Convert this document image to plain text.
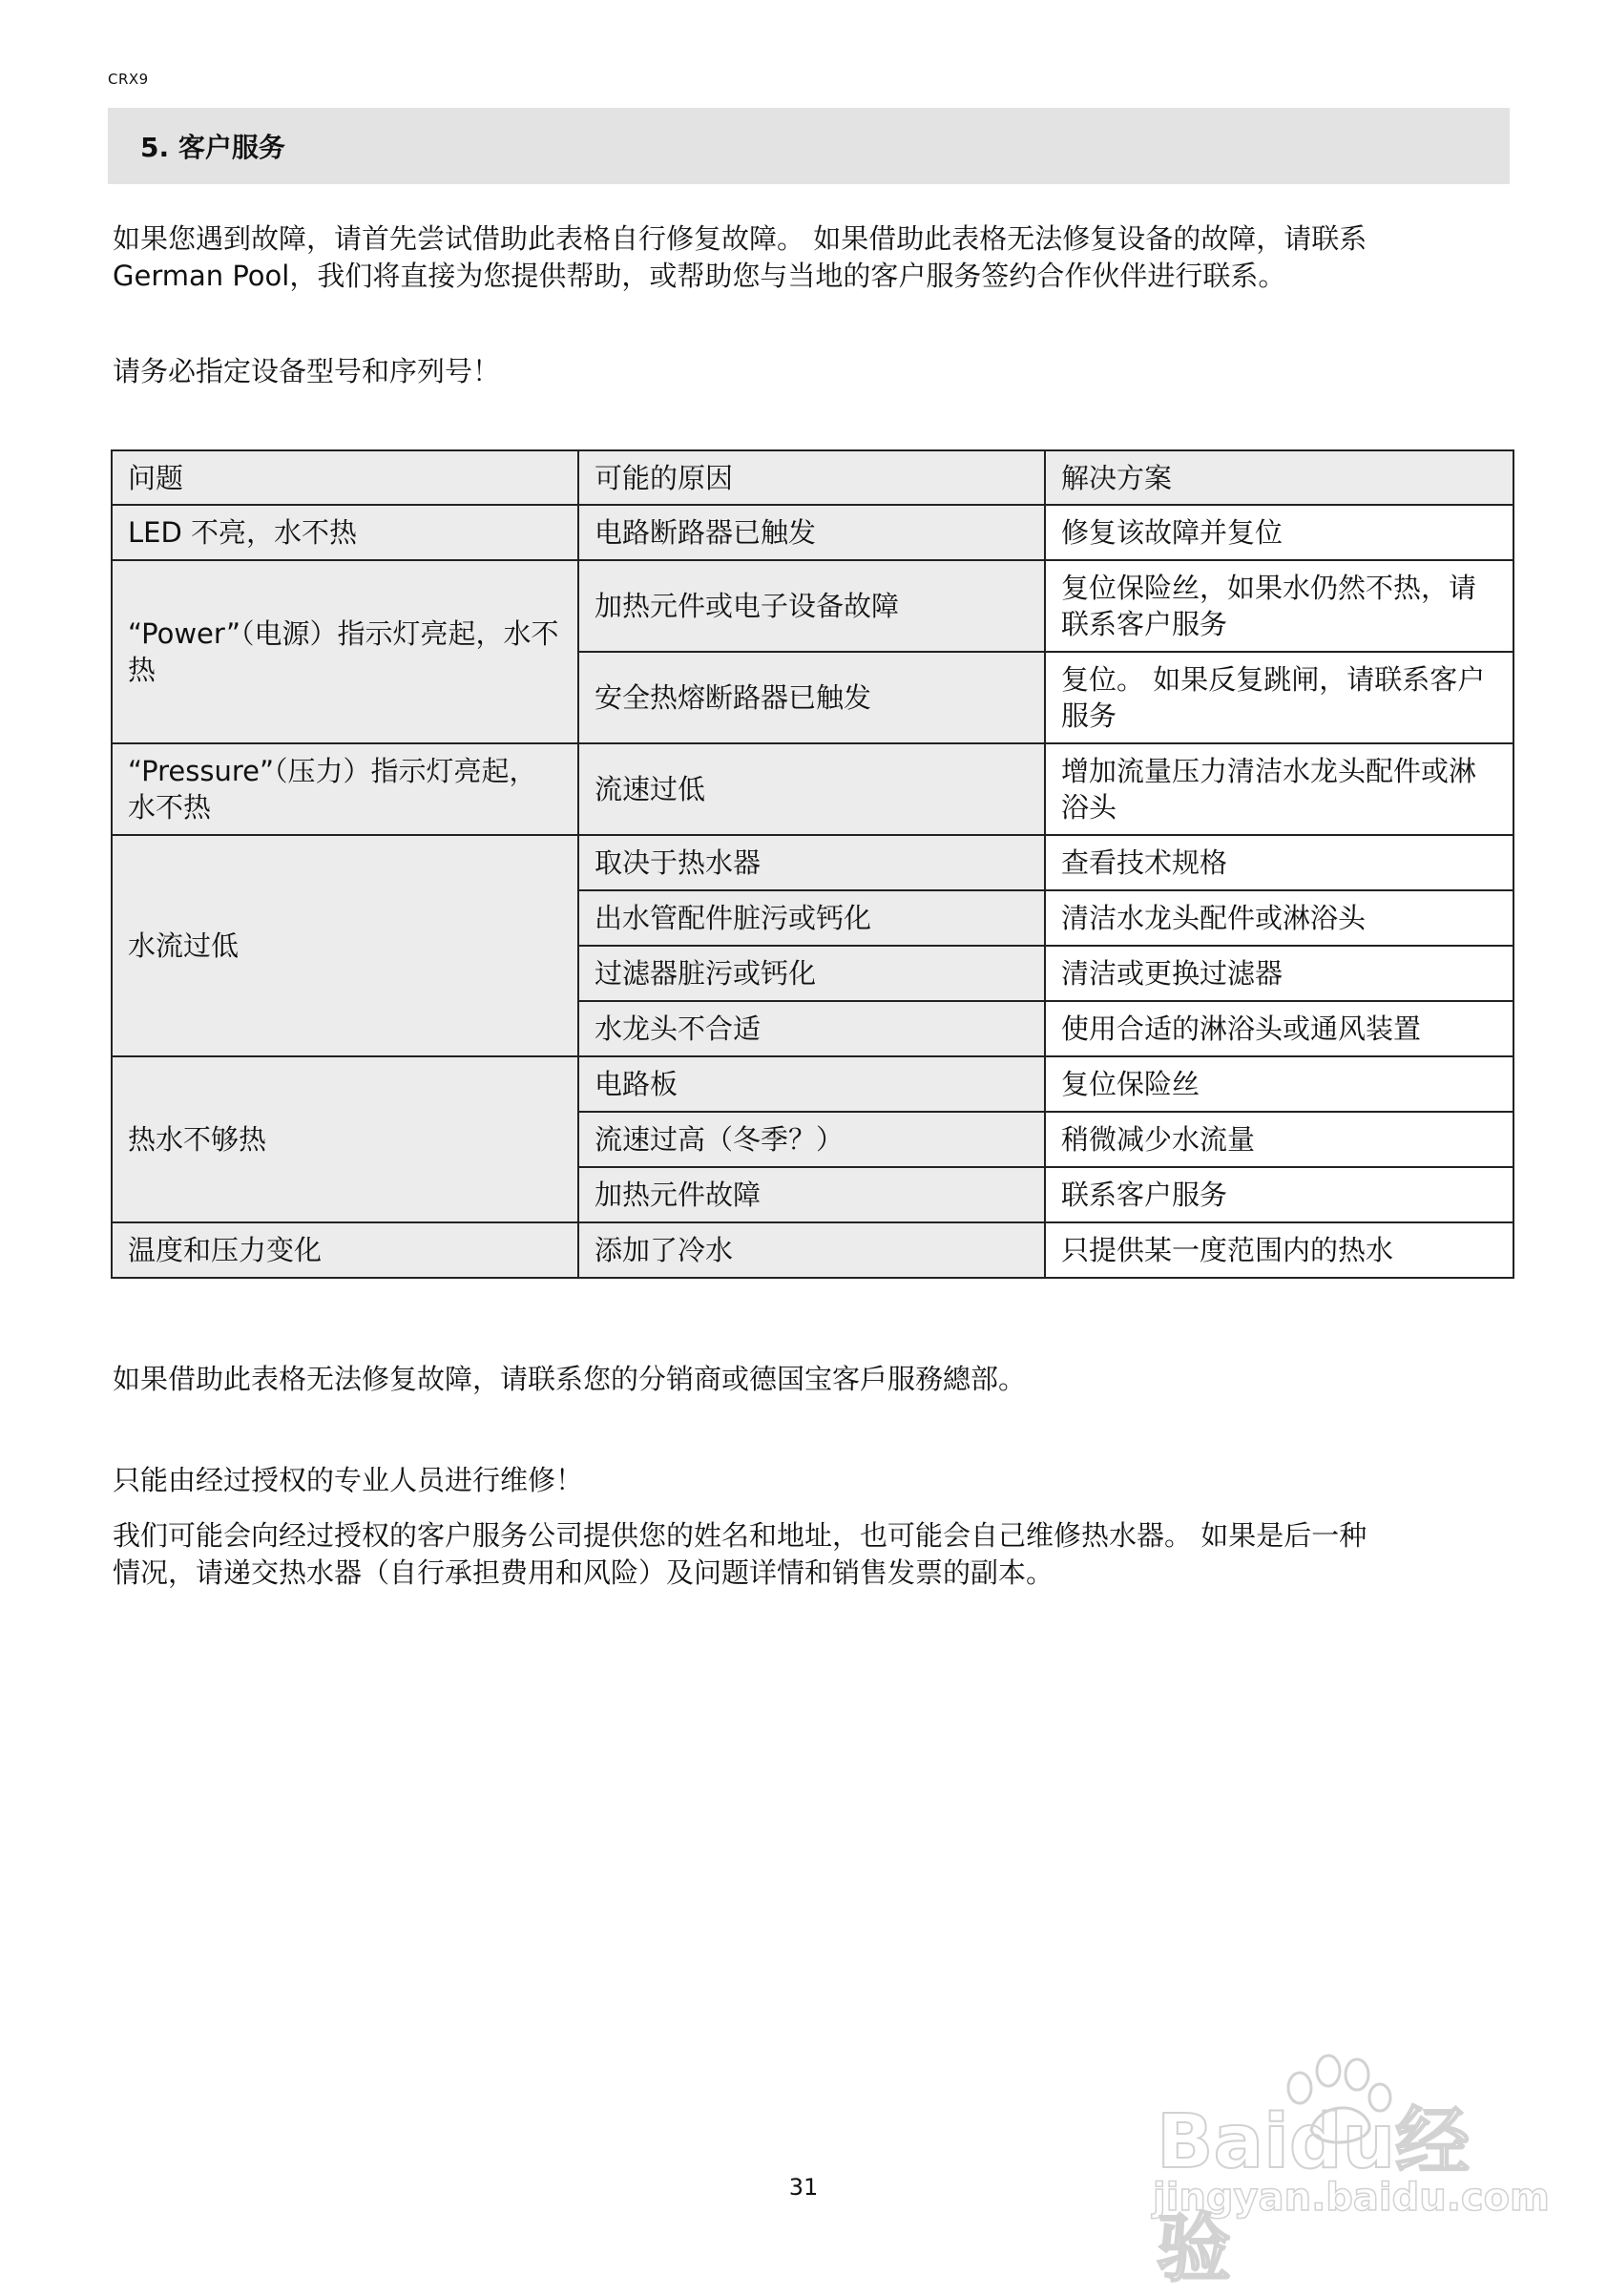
CRX9
5. 客户服务

如果您遇到故障，请首先尝试借助此表格自行修复故障。 如果借助此表格无法修复设备的故障，请联系 German Pool，我们将直接为您提供帮助，或帮助您与当地的客户服务签约合作伙伴进行联系。

请务必指定设备型号和序列号！

问题	可能的原因	解决方案
LED 不亮，水不热	电路断路器已触发	修复该故障并复位
“Power”（电源）指示灯亮起，水不热	加热元件或电子设备故障	复位保险丝，如果水仍然不热，请联系客户服务
	安全热熔断路器已触发	复位。 如果反复跳闸，请联系客户服务
“Pressure”（压力）指示灯亮起，水不热	流速过低	增加流量压力清洁水龙头配件或淋浴头
水流过低	取决于热水器	查看技术规格
	出水管配件脏污或钙化	清洁水龙头配件或淋浴头
	过滤器脏污或钙化	清洁或更换过滤器
	水龙头不合适	使用合适的淋浴头或通风装置
热水不够热	电路板	复位保险丝
	流速过高（冬季？）	稍微减少水流量
	加热元件故障	联系客户服务
温度和压力变化	添加了冷水	只提供某一度范围内的热水

如果借助此表格无法修复故障，请联系您的分销商或德国宝客戶服務總部。

只能由经过授权的专业人员进行维修！

我们可能会向经过授权的客户服务公司提供您的姓名和地址，也可能会自己维修热水器。 如果是后一种情况，请递交热水器（自行承担费用和风险）及问题详情和销售发票的副本。

31
Baidu经验
jingyan.baidu.com
